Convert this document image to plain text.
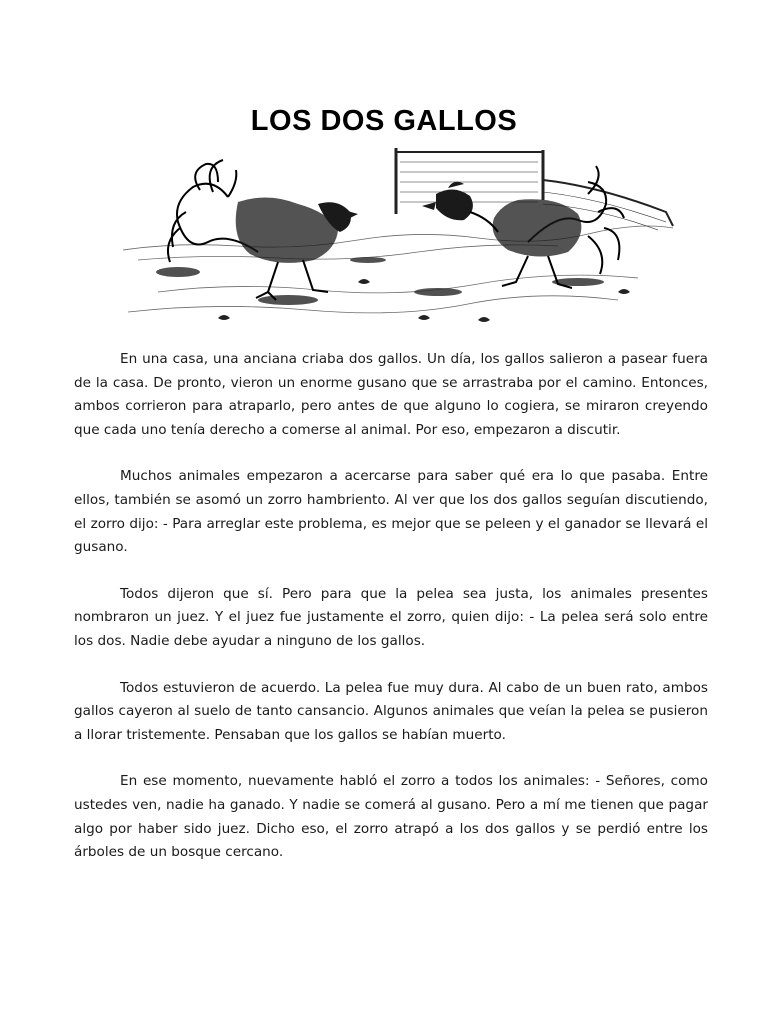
LOS DOS GALLOS

En una casa, una anciana criaba dos gallos. Un día, los gallos salieron a pasear fuera de la casa. De pronto, vieron un enorme gusano que se arrastraba por el camino. Entonces, ambos corrieron para atraparlo, pero antes de que alguno lo cogiera, se miraron creyendo que cada uno tenía derecho a comerse al animal. Por eso, empezaron a discutir.

Muchos animales empezaron a acercarse para saber qué era lo que pasaba. Entre ellos, también se asomó un zorro hambriento. Al ver que los dos gallos seguían discutiendo, el zorro dijo: - Para arreglar este problema, es mejor que se peleen y el ganador se llevará el gusano.

Todos dijeron que sí. Pero para que la pelea sea justa, los animales presentes nombraron un juez. Y el juez fue justamente el zorro, quien dijo: - La pelea será solo entre los dos. Nadie debe ayudar a ninguno de los gallos.

Todos estuvieron de acuerdo. La pelea fue muy dura. Al cabo de un buen rato, ambos gallos cayeron al suelo de tanto cansancio. Algunos animales que veían la pelea se pusieron a llorar tristemente. Pensaban que los gallos se habían muerto.

En ese momento, nuevamente habló el zorro a todos los animales: - Señores, como ustedes ven, nadie ha ganado. Y nadie se comerá al gusano. Pero a mí me tienen que pagar algo por haber sido juez. Dicho eso, el zorro atrapó a los dos gallos y se perdió entre los árboles de un bosque cercano.
